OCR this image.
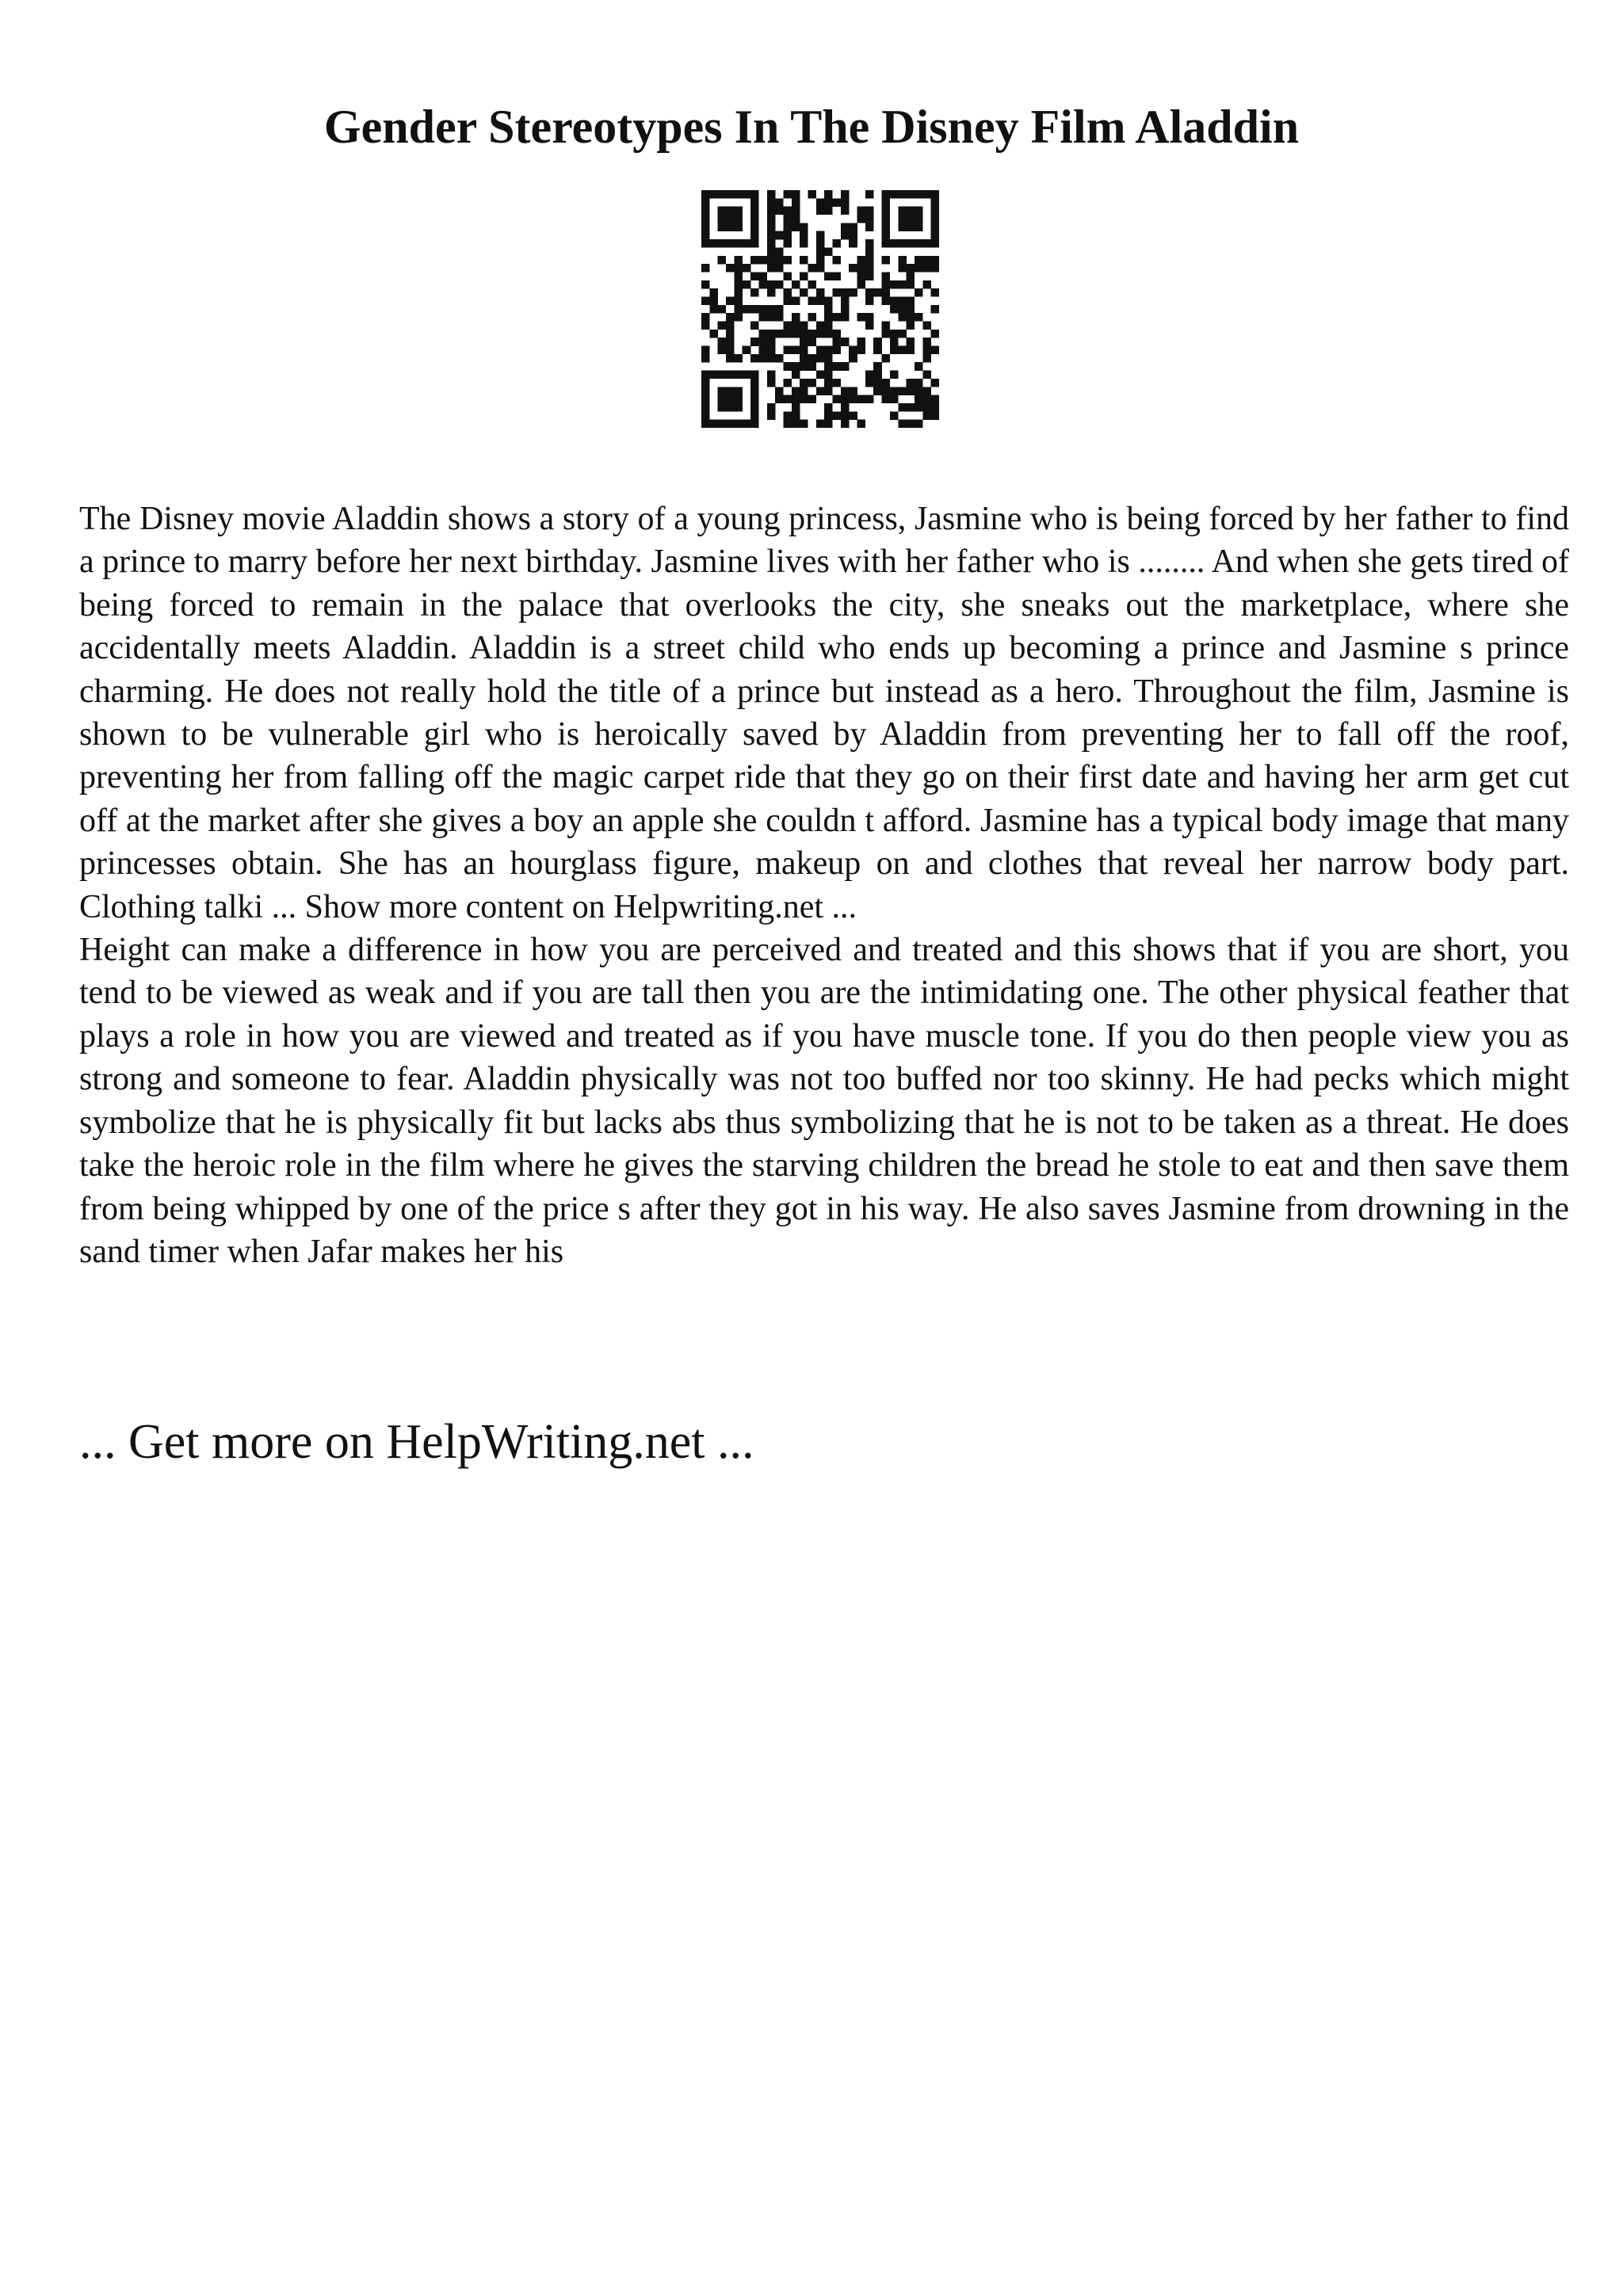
Gender Stereotypes In The Disney Film Aladdin

The Disney movie Aladdin shows a story of a young princess, Jasmine who is being forced by her father to find a prince to marry before her next birthday. Jasmine lives with her father who is ........ And when she gets tired of being forced to remain in the palace that overlooks the city, she sneaks out the marketplace, where she accidentally meets Aladdin. Aladdin is a street child who ends up becoming a prince and Jasmine s prince charming. He does not really hold the title of a prince but instead as a hero. Throughout the film, Jasmine is shown to be vulnerable girl who is heroically saved by Aladdin from preventing her to fall off the roof, preventing her from falling off the magic carpet ride that they go on their first date and having her arm get cut off at the market after she gives a boy an apple she couldn t afford. Jasmine has a typical body image that many princesses obtain. She has an hourglass figure, makeup on and clothes that reveal her narrow body part. Clothing talki ... Show more content on Helpwriting.net ...

Height can make a difference in how you are perceived and treated and this shows that if you are short, you tend to be viewed as weak and if you are tall then you are the intimidating one. The other physical feather that plays a role in how you are viewed and treated as if you have muscle tone. If you do then people view you as strong and someone to fear. Aladdin physically was not too buffed nor too skinny. He had pecks which might symbolize that he is physically fit but lacks abs thus symbolizing that he is not to be taken as a threat. He does take the heroic role in the film where he gives the starving children the bread he stole to eat and then save them from being whipped by one of the price s after they got in his way. He also saves Jasmine from drowning in the sand timer when Jafar makes her his

... Get more on HelpWriting.net ...
